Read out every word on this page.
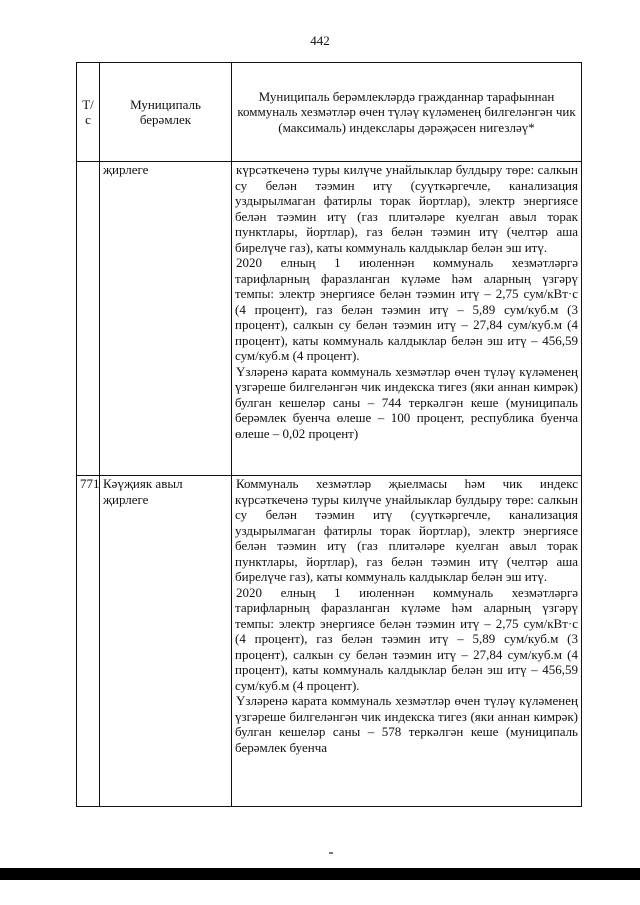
442
Т/с	Муниципаль берәмлек	Муниципаль берәмлекләрдә гражданнар тарафыннан коммуналь хезмәтләр өчен түләү күләменең билгеләнгән чик (максималь) индекслары дәрәҗәсен нигезләү*
	җирлеге	күрсәткеченә туры килүче унайлыклар булдыру төре: салкын су белән тәэмин итү (суүткәргечле, канализация уздырылмаган фатирлы торак йортлар), электр энергиясе белән тәэмин итү (газ плитәләре куелган авыл торак пунктлары, йортлар), газ белән тәэмин итү (челтәр аша бирелүче газ), каты коммуналь калдыклар белән эш итү.

2020 елның 1 июленнән коммуналь хезмәтләргә тарифларның фаразланган күләме һәм аларның үзгәрү темпы: электр энергиясе белән тәэмин итү – 2,75 сум/кВт·с (4 процент), газ белән тәэмин итү – 5,89 сум/куб.м (3 процент), салкын су белән тәэмин итү – 27,84 сум/куб.м (4 процент), каты коммуналь калдыклар белән эш итү – 456,59 сум/куб.м (4 процент).

Үзләренә карата коммуналь хезмәтләр өчен түләү күләменең үзгәреше билгеләнгән чик индекска тигез (яки аннан кимрәк) булган кешеләр саны – 744 теркәлгән кеше (муниципаль берәмлек буенча өлеше – 100 процент, республика буенча өлеше – 0,02 процент)

771	Кәүҗияк авыл җирлеге	Коммуналь хезмәтләр җыелмасы һәм чик индекс күрсәткеченә туры килүче унайлыклар булдыру төре: салкын су белән тәэмин итү (суүткәргечле, канализация уздырылмаган фатирлы торак йортлар), электр энергиясе белән тәэмин итү (газ плитәләре куелган авыл торак пунктлары, йортлар), газ белән тәэмин итү (челтәр аша бирелүче газ), каты коммуналь калдыклар белән эш итү.

2020 елның 1 июленнән коммуналь хезмәтләргә тарифларның фаразланган күләме һәм аларның үзгәрү темпы: электр энергиясе белән тәэмин итү – 2,75 сум/кВт·с (4 процент), газ белән тәэмин итү – 5,89 сум/куб.м (3 процент), салкын су белән тәэмин итү – 27,84 сум/куб.м (4 процент), каты коммуналь калдыклар белән эш итү – 456,59 сум/куб.м (4 процент).

Үзләренә карата коммуналь хезмәтләр өчен түләү күләменең үзгәреше билгеләнгән чик индекска тигез (яки аннан кимрәк) булган кешеләр саны – 578 теркәлгән кеше (муниципаль берәмлек буенча
